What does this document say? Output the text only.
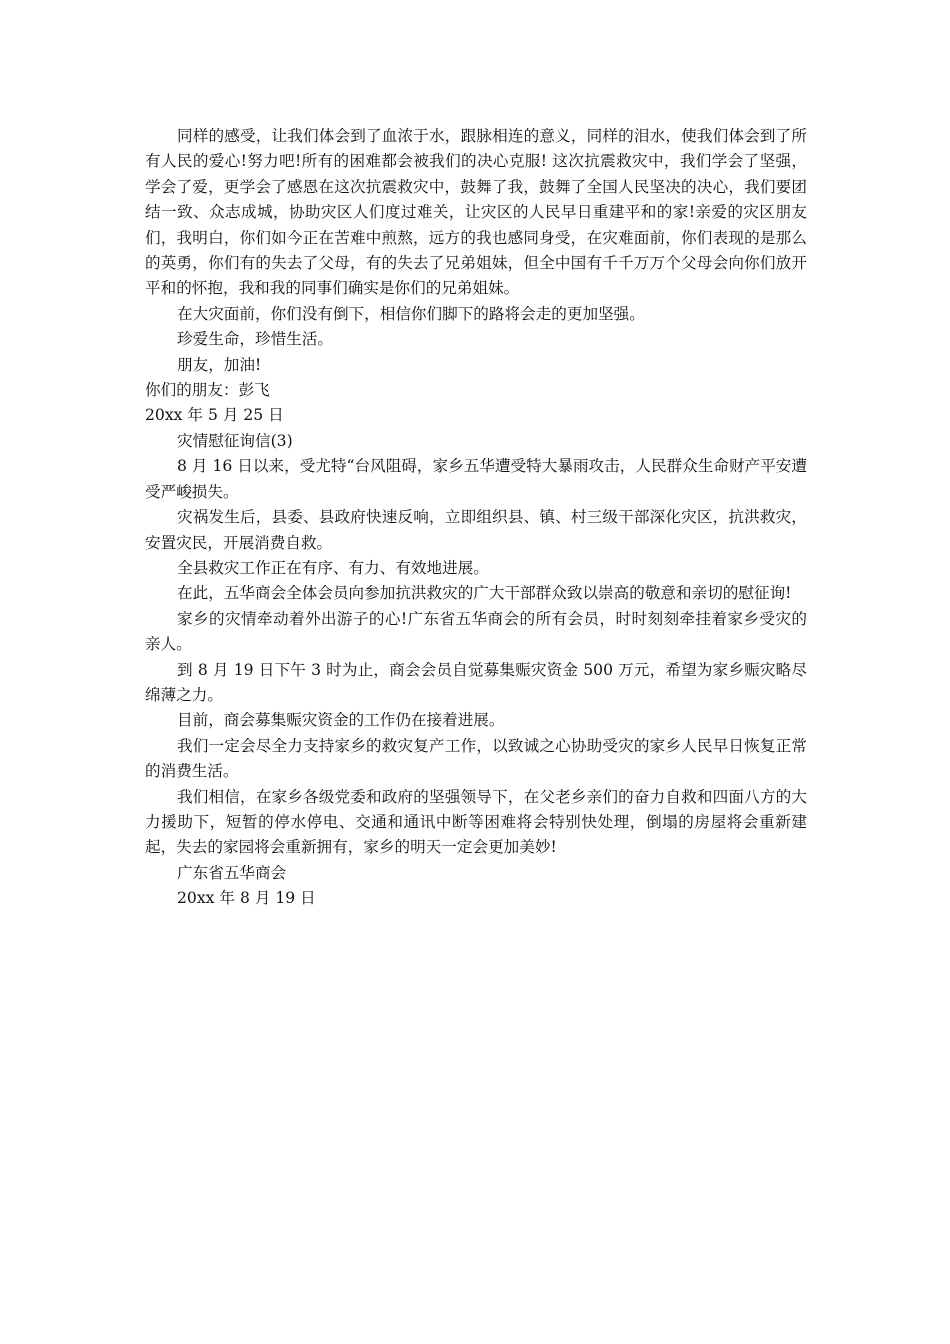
同样的感受，让我们体会到了血浓于水，跟脉相连的意义，同样的泪水，使我们体会到了所有人民的爱心!努力吧!所有的困难都会被我们的决心克服! 这次抗震救灾中，我们学会了坚强，学会了爱，更学会了感恩在这次抗震救灾中，鼓舞了我，鼓舞了全国人民坚决的决心，我们要团结一致、众志成城，协助灾区人们度过难关，让灾区的人民早日重建平和的家!亲爱的灾区朋友们，我明白，你们如今正在苦难中煎熬，远方的我也感同身受，在灾难面前，你们表现的是那么的英勇，你们有的失去了父母，有的失去了兄弟姐妹，但全中国有千千万万个父母会向你们放开平和的怀抱，我和我的同事们确实是你们的兄弟姐妹。

在大灾面前，你们没有倒下，相信你们脚下的路将会走的更加坚强。

珍爱生命，珍惜生活。

朋友，加油!

你们的朋友：彭飞

20xx 年 5 月 25 日

灾情慰征询信(3)

8 月 16 日以来，受尤特“台风阻碍，家乡五华遭受特大暴雨攻击，人民群众生命财产平安遭受严峻损失。

灾祸发生后，县委、县政府快速反响，立即组织县、镇、村三级干部深化灾区，抗洪救灾，安置灾民，开展消费自救。

全县救灾工作正在有序、有力、有效地进展。

在此，五华商会全体会员向参加抗洪救灾的广大干部群众致以崇高的敬意和亲切的慰征询!

家乡的灾情牵动着外出游子的心!广东省五华商会的所有会员，时时刻刻牵挂着家乡受灾的亲人。

到 8 月 19 日下午 3 时为止，商会会员自觉募集赈灾资金 500 万元，希望为家乡赈灾略尽绵薄之力。

目前，商会募集赈灾资金的工作仍在接着进展。

我们一定会尽全力支持家乡的救灾复产工作，以致诚之心协助受灾的家乡人民早日恢复正常的消费生活。

我们相信，在家乡各级党委和政府的坚强领导下，在父老乡亲们的奋力自救和四面八方的大力援助下，短暂的停水停电、交通和通讯中断等困难将会特别快处理，倒塌的房屋将会重新建起，失去的家园将会重新拥有，家乡的明天一定会更加美妙!

广东省五华商会

20xx 年 8 月 19 日
